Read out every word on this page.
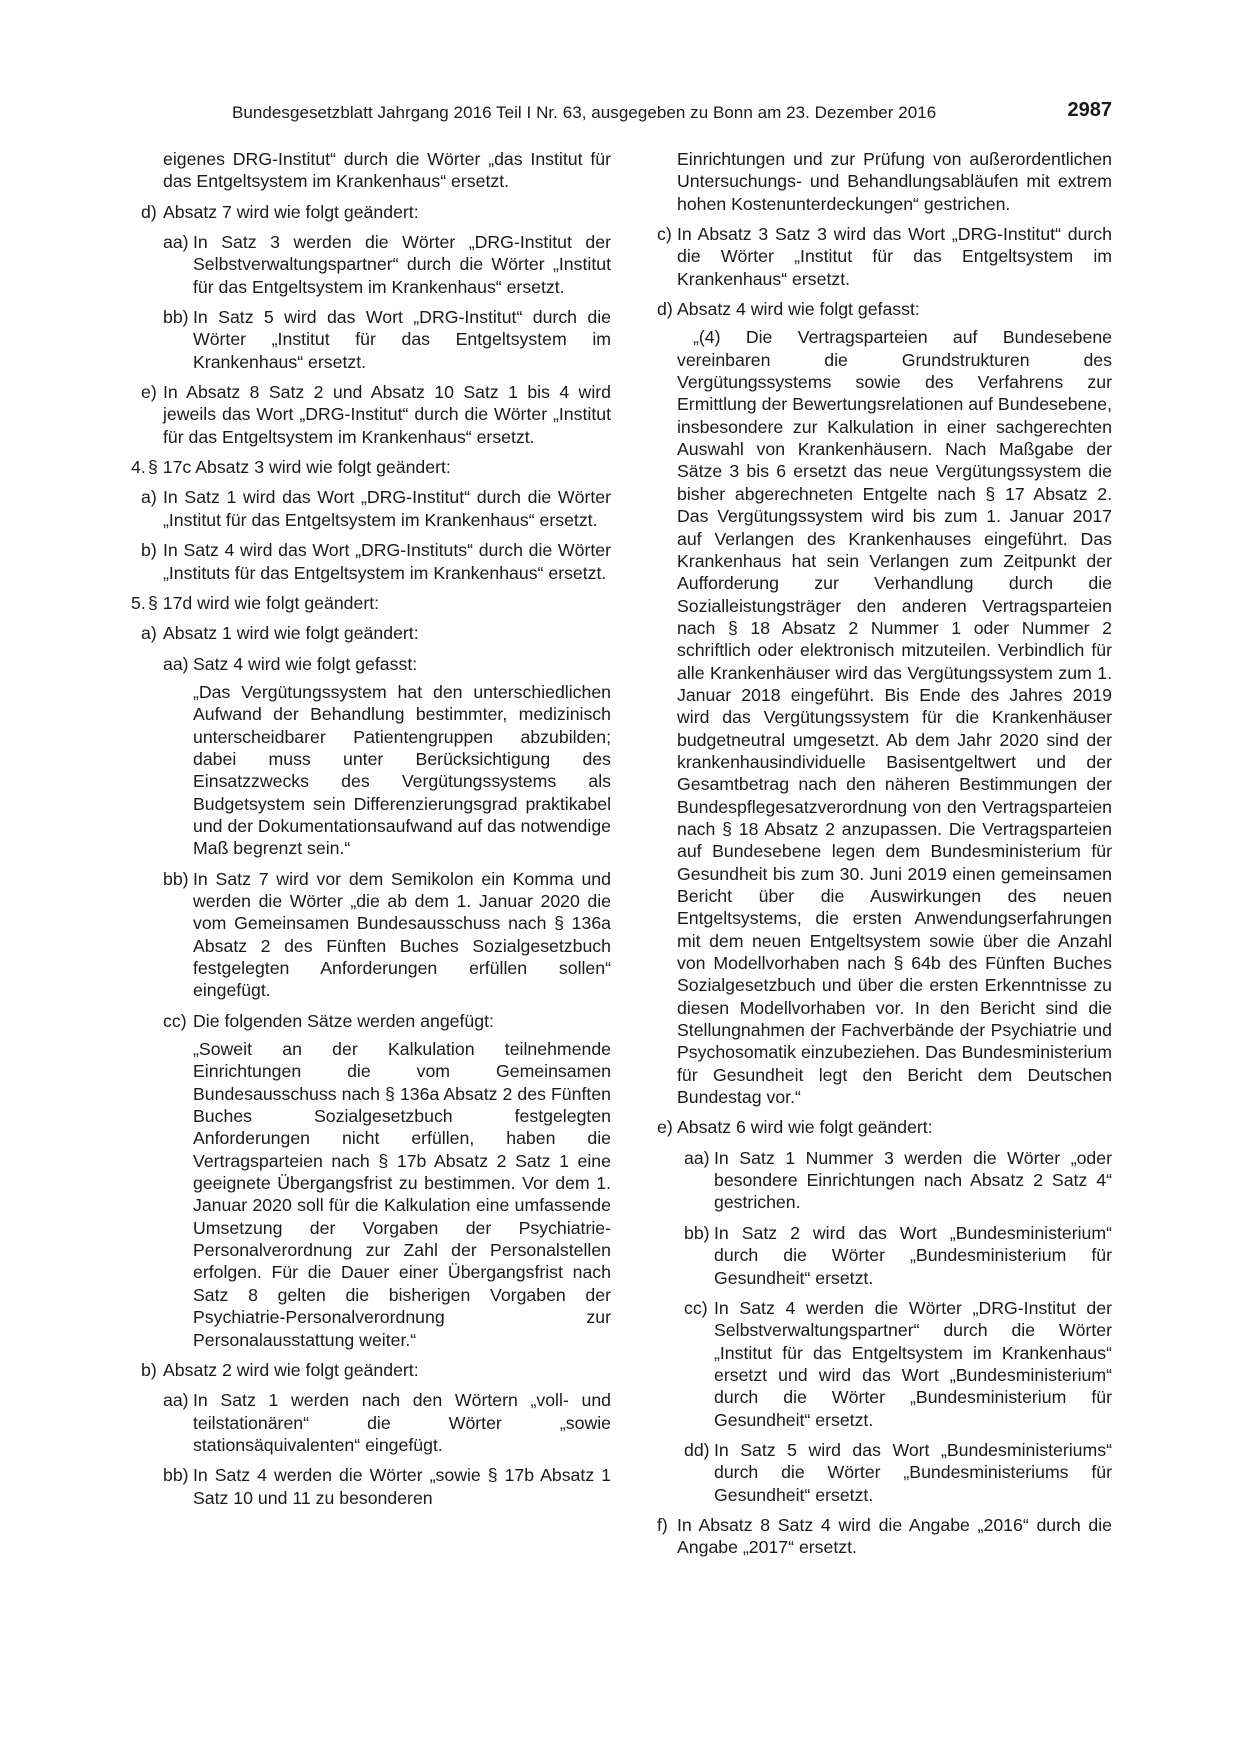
Bundesgesetzblatt Jahrgang 2016 Teil I Nr. 63, ausgegeben zu Bonn am 23. Dezember 2016	2987
eigenes DRG-Institut“ durch die Wörter „das Institut für das Entgeltsystem im Krankenhaus“ ersetzt.
d) Absatz 7 wird wie folgt geändert:
aa) In Satz 3 werden die Wörter „DRG-Institut der Selbstverwaltungspartner“ durch die Wörter „Institut für das Entgeltsystem im Krankenhaus“ ersetzt.
bb) In Satz 5 wird das Wort „DRG-Institut“ durch die Wörter „Institut für das Entgeltsystem im Krankenhaus“ ersetzt.
e) In Absatz 8 Satz 2 und Absatz 10 Satz 1 bis 4 wird jeweils das Wort „DRG-Institut“ durch die Wörter „Institut für das Entgeltsystem im Krankenhaus“ ersetzt.
4. § 17c Absatz 3 wird wie folgt geändert:
a) In Satz 1 wird das Wort „DRG-Institut“ durch die Wörter „Institut für das Entgeltsystem im Krankenhaus“ ersetzt.
b) In Satz 4 wird das Wort „DRG-Instituts“ durch die Wörter „Instituts für das Entgeltsystem im Krankenhaus“ ersetzt.
5. § 17d wird wie folgt geändert:
a) Absatz 1 wird wie folgt geändert:
aa) Satz 4 wird wie folgt gefasst:
„Das Vergütungssystem hat den unterschiedlichen Aufwand der Behandlung bestimmter, medizinisch unterscheidbarer Patientengruppen abzubilden; dabei muss unter Berücksichtigung des Einsatzzwecks des Vergütungssystems als Budgetsystem sein Differenzierungsgrad praktikabel und der Dokumentationsaufwand auf das notwendige Maß begrenzt sein.“
bb) In Satz 7 wird vor dem Semikolon ein Komma und werden die Wörter „die ab dem 1. Januar 2020 die vom Gemeinsamen Bundesausschuss nach § 136a Absatz 2 des Fünften Buches Sozialgesetzbuch festgelegten Anforderungen erfüllen sollen“ eingefügt.
cc) Die folgenden Sätze werden angefügt:
„Soweit an der Kalkulation teilnehmende Einrichtungen die vom Gemeinsamen Bundesausschuss nach § 136a Absatz 2 des Fünften Buches Sozialgesetzbuch festgelegten Anforderungen nicht erfüllen, haben die Vertragsparteien nach § 17b Absatz 2 Satz 1 eine geeignete Übergangsfrist zu bestimmen. Vor dem 1. Januar 2020 soll für die Kalkulation eine umfassende Umsetzung der Vorgaben der Psychiatrie-Personalverordnung zur Zahl der Personalstellen erfolgen. Für die Dauer einer Übergangsfrist nach Satz 8 gelten die bisherigen Vorgaben der Psychiatrie-Personalverordnung zur Personalausstattung weiter.“
b) Absatz 2 wird wie folgt geändert:
aa) In Satz 1 werden nach den Wörtern „voll- und teilstationären“ die Wörter „sowie stationsäquivalenten“ eingefügt.
bb) In Satz 4 werden die Wörter „sowie § 17b Absatz 1 Satz 10 und 11 zu besonderen
Einrichtungen und zur Prüfung von außerordentlichen Untersuchungs- und Behandlungsabläufen mit extrem hohen Kostenunterdeckungen“ gestrichen.
c) In Absatz 3 Satz 3 wird das Wort „DRG-Institut“ durch die Wörter „Institut für das Entgeltsystem im Krankenhaus“ ersetzt.
d) Absatz 4 wird wie folgt gefasst:
„(4) Die Vertragsparteien auf Bundesebene vereinbaren die Grundstrukturen des Vergütungssystems sowie des Verfahrens zur Ermittlung der Bewertungsrelationen auf Bundesebene, insbesondere zur Kalkulation in einer sachgerechten Auswahl von Krankenhäusern. Nach Maßgabe der Sätze 3 bis 6 ersetzt das neue Vergütungssystem die bisher abgerechneten Entgelte nach § 17 Absatz 2. Das Vergütungssystem wird bis zum 1. Januar 2017 auf Verlangen des Krankenhauses eingeführt. Das Krankenhaus hat sein Verlangen zum Zeitpunkt der Aufforderung zur Verhandlung durch die Sozialleistungsträger den anderen Vertragsparteien nach § 18 Absatz 2 Nummer 1 oder Nummer 2 schriftlich oder elektronisch mitzuteilen. Verbindlich für alle Krankenhäuser wird das Vergütungssystem zum 1. Januar 2018 eingeführt. Bis Ende des Jahres 2019 wird das Vergütungssystem für die Krankenhäuser budgetneutral umgesetzt. Ab dem Jahr 2020 sind der krankenhausindividuelle Basisentgeltwert und der Gesamtbetrag nach den näheren Bestimmungen der Bundespflegesatzverordnung von den Vertragsparteien nach § 18 Absatz 2 anzupassen. Die Vertragsparteien auf Bundesebene legen dem Bundesministerium für Gesundheit bis zum 30. Juni 2019 einen gemeinsamen Bericht über die Auswirkungen des neuen Entgeltsystems, die ersten Anwendungserfahrungen mit dem neuen Entgeltsystem sowie über die Anzahl von Modellvorhaben nach § 64b des Fünften Buches Sozialgesetzbuch und über die ersten Erkenntnisse zu diesen Modellvorhaben vor. In den Bericht sind die Stellungnahmen der Fachverbände der Psychiatrie und Psychosomatik einzubeziehen. Das Bundesministerium für Gesundheit legt den Bericht dem Deutschen Bundestag vor.“
e) Absatz 6 wird wie folgt geändert:
aa) In Satz 1 Nummer 3 werden die Wörter „oder besondere Einrichtungen nach Absatz 2 Satz 4“ gestrichen.
bb) In Satz 2 wird das Wort „Bundesministerium“ durch die Wörter „Bundesministerium für Gesundheit“ ersetzt.
cc) In Satz 4 werden die Wörter „DRG-Institut der Selbstverwaltungspartner“ durch die Wörter „Institut für das Entgeltsystem im Krankenhaus“ ersetzt und wird das Wort „Bundesministerium“ durch die Wörter „Bundesministerium für Gesundheit“ ersetzt.
dd) In Satz 5 wird das Wort „Bundesministeriums“ durch die Wörter „Bundesministeriums für Gesundheit“ ersetzt.
f) In Absatz 8 Satz 4 wird die Angabe „2016“ durch die Angabe „2017“ ersetzt.
